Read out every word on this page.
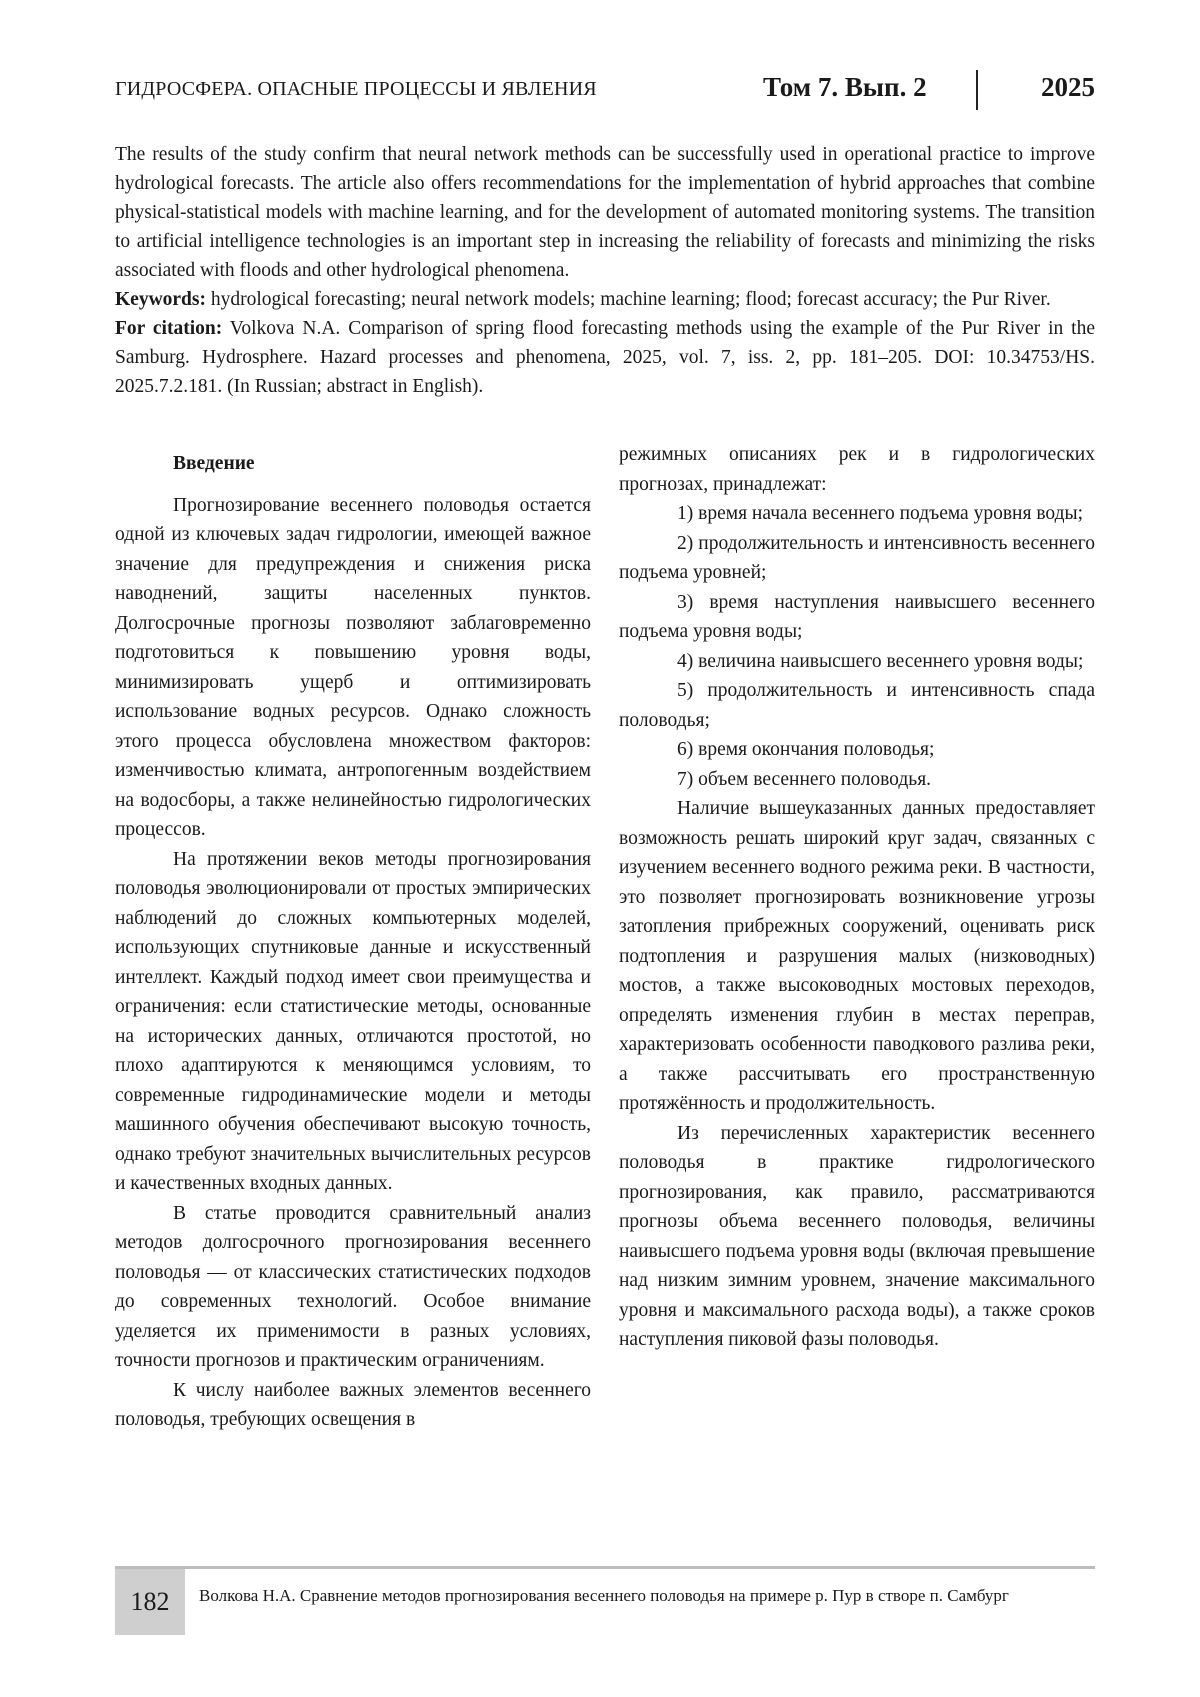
ГИДРОСФЕРА. ОПАСНЫЕ ПРОЦЕССЫ И ЯВЛЕНИЯ	Том 7. Вып. 2	2025

The results of the study confirm that neural network methods can be successfully used in operational practice to improve hydrological forecasts. The article also offers recommendations for the implementation of hybrid approaches that combine physical-statistical models with machine learning, and for the development of automated monitoring systems. The transition to artificial intelligence technologies is an important step in increasing the reliability of forecasts and minimizing the risks associated with floods and other hydrological phenomena.

Keywords: hydrological forecasting; neural network models; machine learning; flood; forecast accuracy; the Pur River.

For citation: Volkova N.A. Comparison of spring flood forecasting methods using the example of the Pur River in the Samburg. Hydrosphere. Hazard processes and phenomena, 2025, vol. 7, iss. 2, pp. 181–205. DOI: 10.34753/HS. 2025.7.2.181. (In Russian; abstract in English).

Введение

Прогнозирование весеннего половодья остается одной из ключевых задач гидрологии, имеющей важное значение для предупреждения и снижения риска наводнений, защиты населенных пунктов. Долгосрочные прогнозы позволяют заблаговременно подготовиться к повышению уровня воды, минимизировать ущерб и оптимизировать использование водных ресурсов. Однако сложность этого процесса обусловлена множеством факторов: изменчивостью климата, антропогенным воздействием на водосборы, а также нелинейностью гидрологических процессов.

На протяжении веков методы прогнозирования половодья эволюционировали от простых эмпирических наблюдений до сложных компьютерных моделей, использующих спутниковые данные и искусственный интеллект. Каждый подход имеет свои преимущества и ограничения: если статистические методы, основанные на исторических данных, отличаются простотой, но плохо адаптируются к меняющимся условиям, то современные гидродинамические модели и методы машинного обучения обеспечивают высокую точность, однако требуют значительных вычислительных ресурсов и качественных входных данных.

В статье проводится сравнительный анализ методов долгосрочного прогнозирования весеннего половодья — от классических статистических подходов до современных технологий. Особое внимание уделяется их применимости в разных условиях, точности прогнозов и практическим ограничениям.

К числу наиболее важных элементов весеннего половодья, требующих освещения в

режимных описаниях рек и в гидрологических прогнозах, принадлежат:

1) время начала весеннего подъема уровня воды;

2) продолжительность и интенсивность весеннего подъема уровней;

3) время наступления наивысшего весеннего подъема уровня воды;

4) величина наивысшего весеннего уровня воды;

5) продолжительность и интенсивность спада половодья;

6) время окончания половодья;

7) объем весеннего половодья.

Наличие вышеуказанных данных предоставляет возможность решать широкий круг задач, связанных с изучением весеннего водного режима реки. В частности, это позволяет прогнозировать возникновение угрозы затопления прибрежных сооружений, оценивать риск подтопления и разрушения малых (низководных) мостов, а также высоководных мостовых переходов, определять изменения глубин в местах переправ, характеризовать особенности паводкового разлива реки, а также рассчитывать его пространственную протяжённость и продолжительность.

Из перечисленных характеристик весеннего половодья в практике гидрологического прогнозирования, как правило, рассматриваются прогнозы объема весеннего половодья, величины наивысшего подъема уровня воды (включая превышение над низким зимним уровнем, значение максимального уровня и максимального расхода воды), а также сроков наступления пиковой фазы половодья.

182	Волкова Н.А. Сравнение методов прогнозирования весеннего половодья на примере р. Пур в створе п. Самбург
